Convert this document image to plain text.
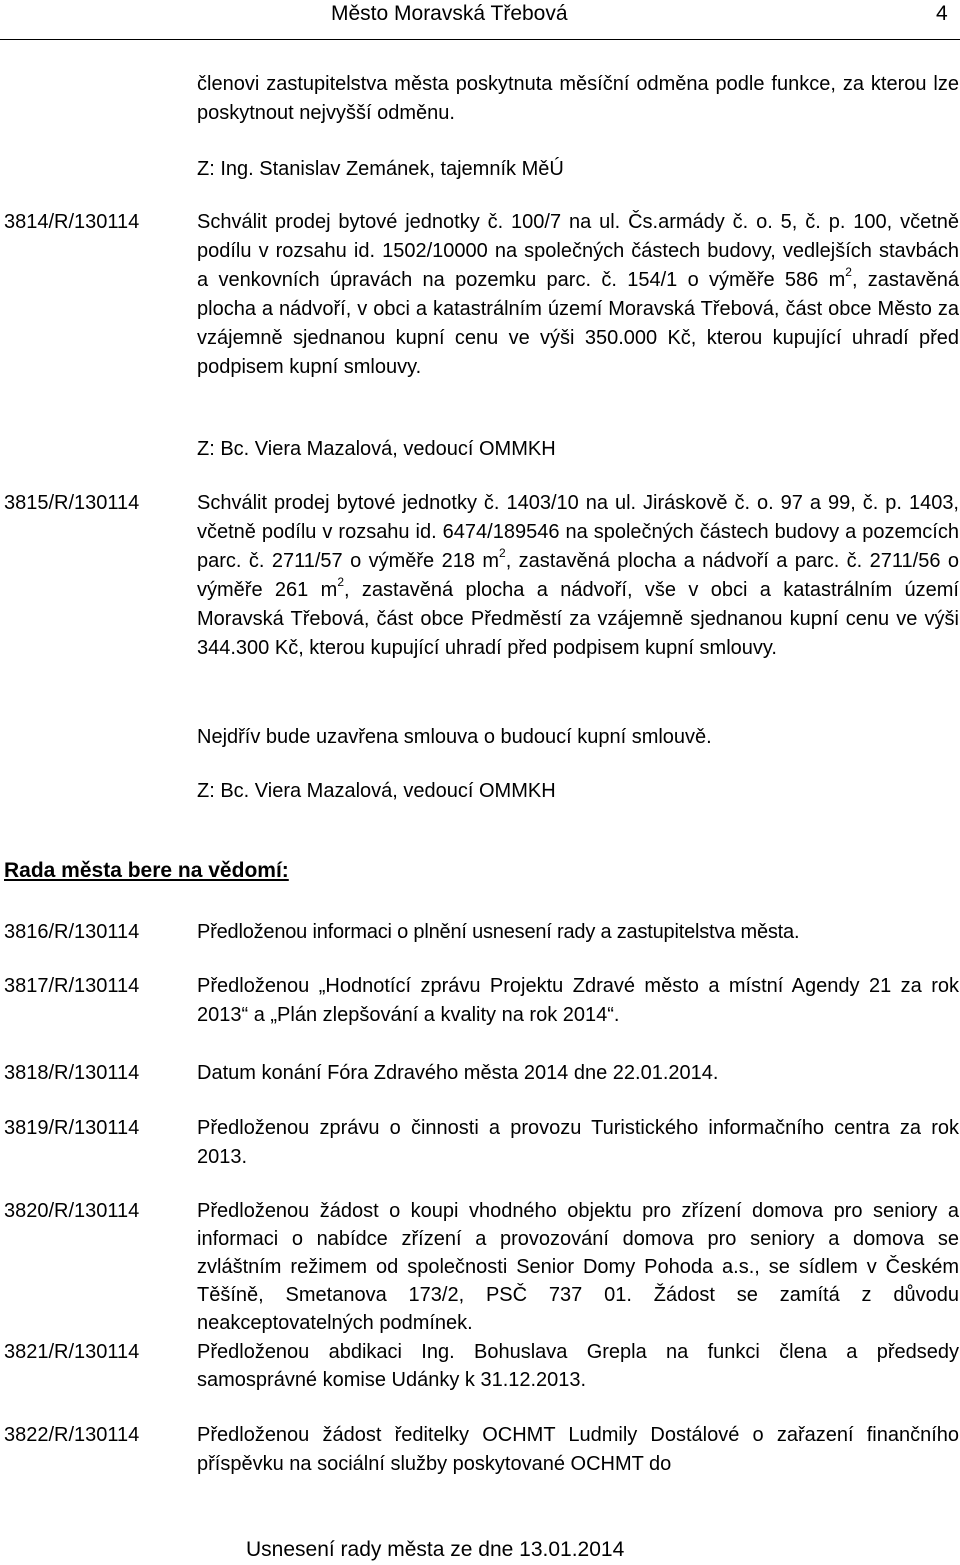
Město Moravská Třebová	4
členovi zastupitelstva města poskytnuta měsíční odměna podle funkce, za kterou lze poskytnout nejvyšší odměnu.
Z: Ing. Stanislav Zemánek, tajemník MěÚ
3814/R/130114	Schválit prodej bytové jednotky č. 100/7 na ul. Čs.armády č. o. 5, č. p. 100, včetně podílu v rozsahu id. 1502/10000 na společných částech budovy, vedlejších stavbách a venkovních úpravách na pozemku parc. č. 154/1 o výměře 586 $m^2$, zastavěná plocha a nádvoří, v obci a katastrálním území Moravská Třebová, část obce Město za vzájemně sjednanou kupní cenu ve výši 350.000 Kč, kterou kupující uhradí před podpisem kupní smlouvy.
Z: Bc. Viera Mazalová, vedoucí OMMKH
3815/R/130114	Schválit prodej bytové jednotky č. 1403/10 na ul. Jiráskově č. o. 97 a 99, č. p. 1403, včetně podílu v rozsahu id. 6474/189546 na společných částech budovy a pozemcích parc. č. 2711/57 o výměře 218 $m^2$, zastavěná plocha a nádvoří a parc. č. 2711/56 o výměře 261 $m^2$, zastavěná plocha a nádvoří, vše v obci a katastrálním území Moravská Třebová, část obce Předměstí za vzájemně sjednanou kupní cenu ve výši 344.300 Kč, kterou kupující uhradí před podpisem kupní smlouvy.
Nejdřív bude uzavřena smlouva o budoucí kupní smlouvě.
Z: Bc. Viera Mazalová, vedoucí OMMKH
Rada města bere na vědomí:
3816/R/130114	Předloženou informaci o plnění usnesení rady a zastupitelstva města.
3817/R/130114	Předloženou „Hodnotící zprávu Projektu Zdravé město a místní Agendy 21 za rok 2013“ a „Plán zlepšování a kvality na rok 2014“.
3818/R/130114	Datum konání Fóra Zdravého města 2014 dne 22.01.2014.
3819/R/130114	Předloženou zprávu o činnosti a provozu Turistického informačního centra za rok 2013.
3820/R/130114	Předloženou žádost o koupi vhodného objektu pro zřízení domova pro seniory a informaci o nabídce zřízení a provozování domova pro seniory a domova se zvláštním režimem od společnosti Senior Domy Pohoda a.s., se sídlem v Českém Těšíně, Smetanova 173/2, PSČ 737 01. Žádost se zamítá z důvodu neakceptovatelných podmínek.
3821/R/130114	Předloženou abdikaci Ing. Bohuslava Grepla na funkci člena a předsedy samosprávné komise Udánky k 31.12.2013.
3822/R/130114	Předloženou žádost ředitelky OCHMT Ludmily Dostálové o zařazení finančního příspěvku na sociální služby poskytované OCHMT do
Usnesení rady města ze dne 13.01.2014
